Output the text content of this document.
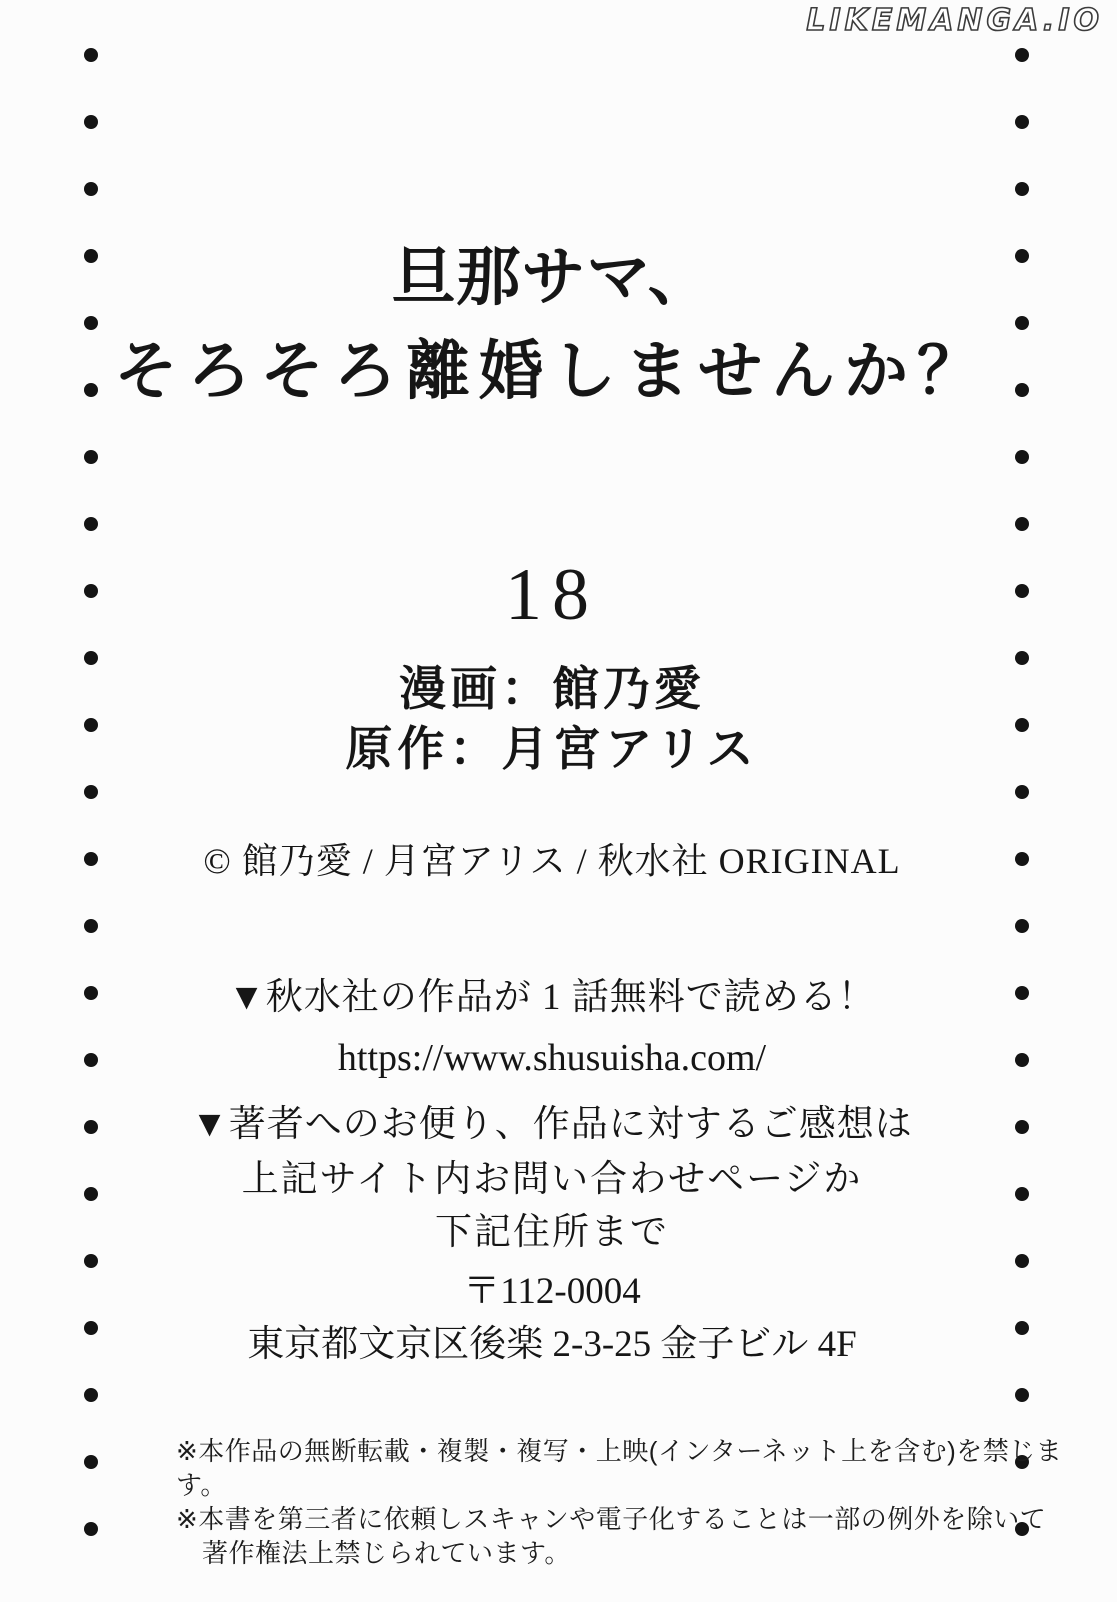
LIKEMANGA.IO
旦那サマ、
そろそろ離婚しませんか？
18
漫画：館乃愛
原作：月宮アリス
© 館乃愛 / 月宮アリス / 秋水社 ORIGINAL
▼秋水社の作品が 1 話無料で読める！
https://www.shusuisha.com/
▼著者へのお便り、作品に対するご感想は
上記サイト内お問い合わせページか
下記住所まで
〒112-0004
東京都文京区後楽 2-3-25 金子ビル 4F
※本作品の無断転載・複製・複写・上映(インターネット上を含む)を禁じます。
※本書を第三者に依頼しスキャンや電子化することは一部の例外を除いて
著作権法上禁じられています。
